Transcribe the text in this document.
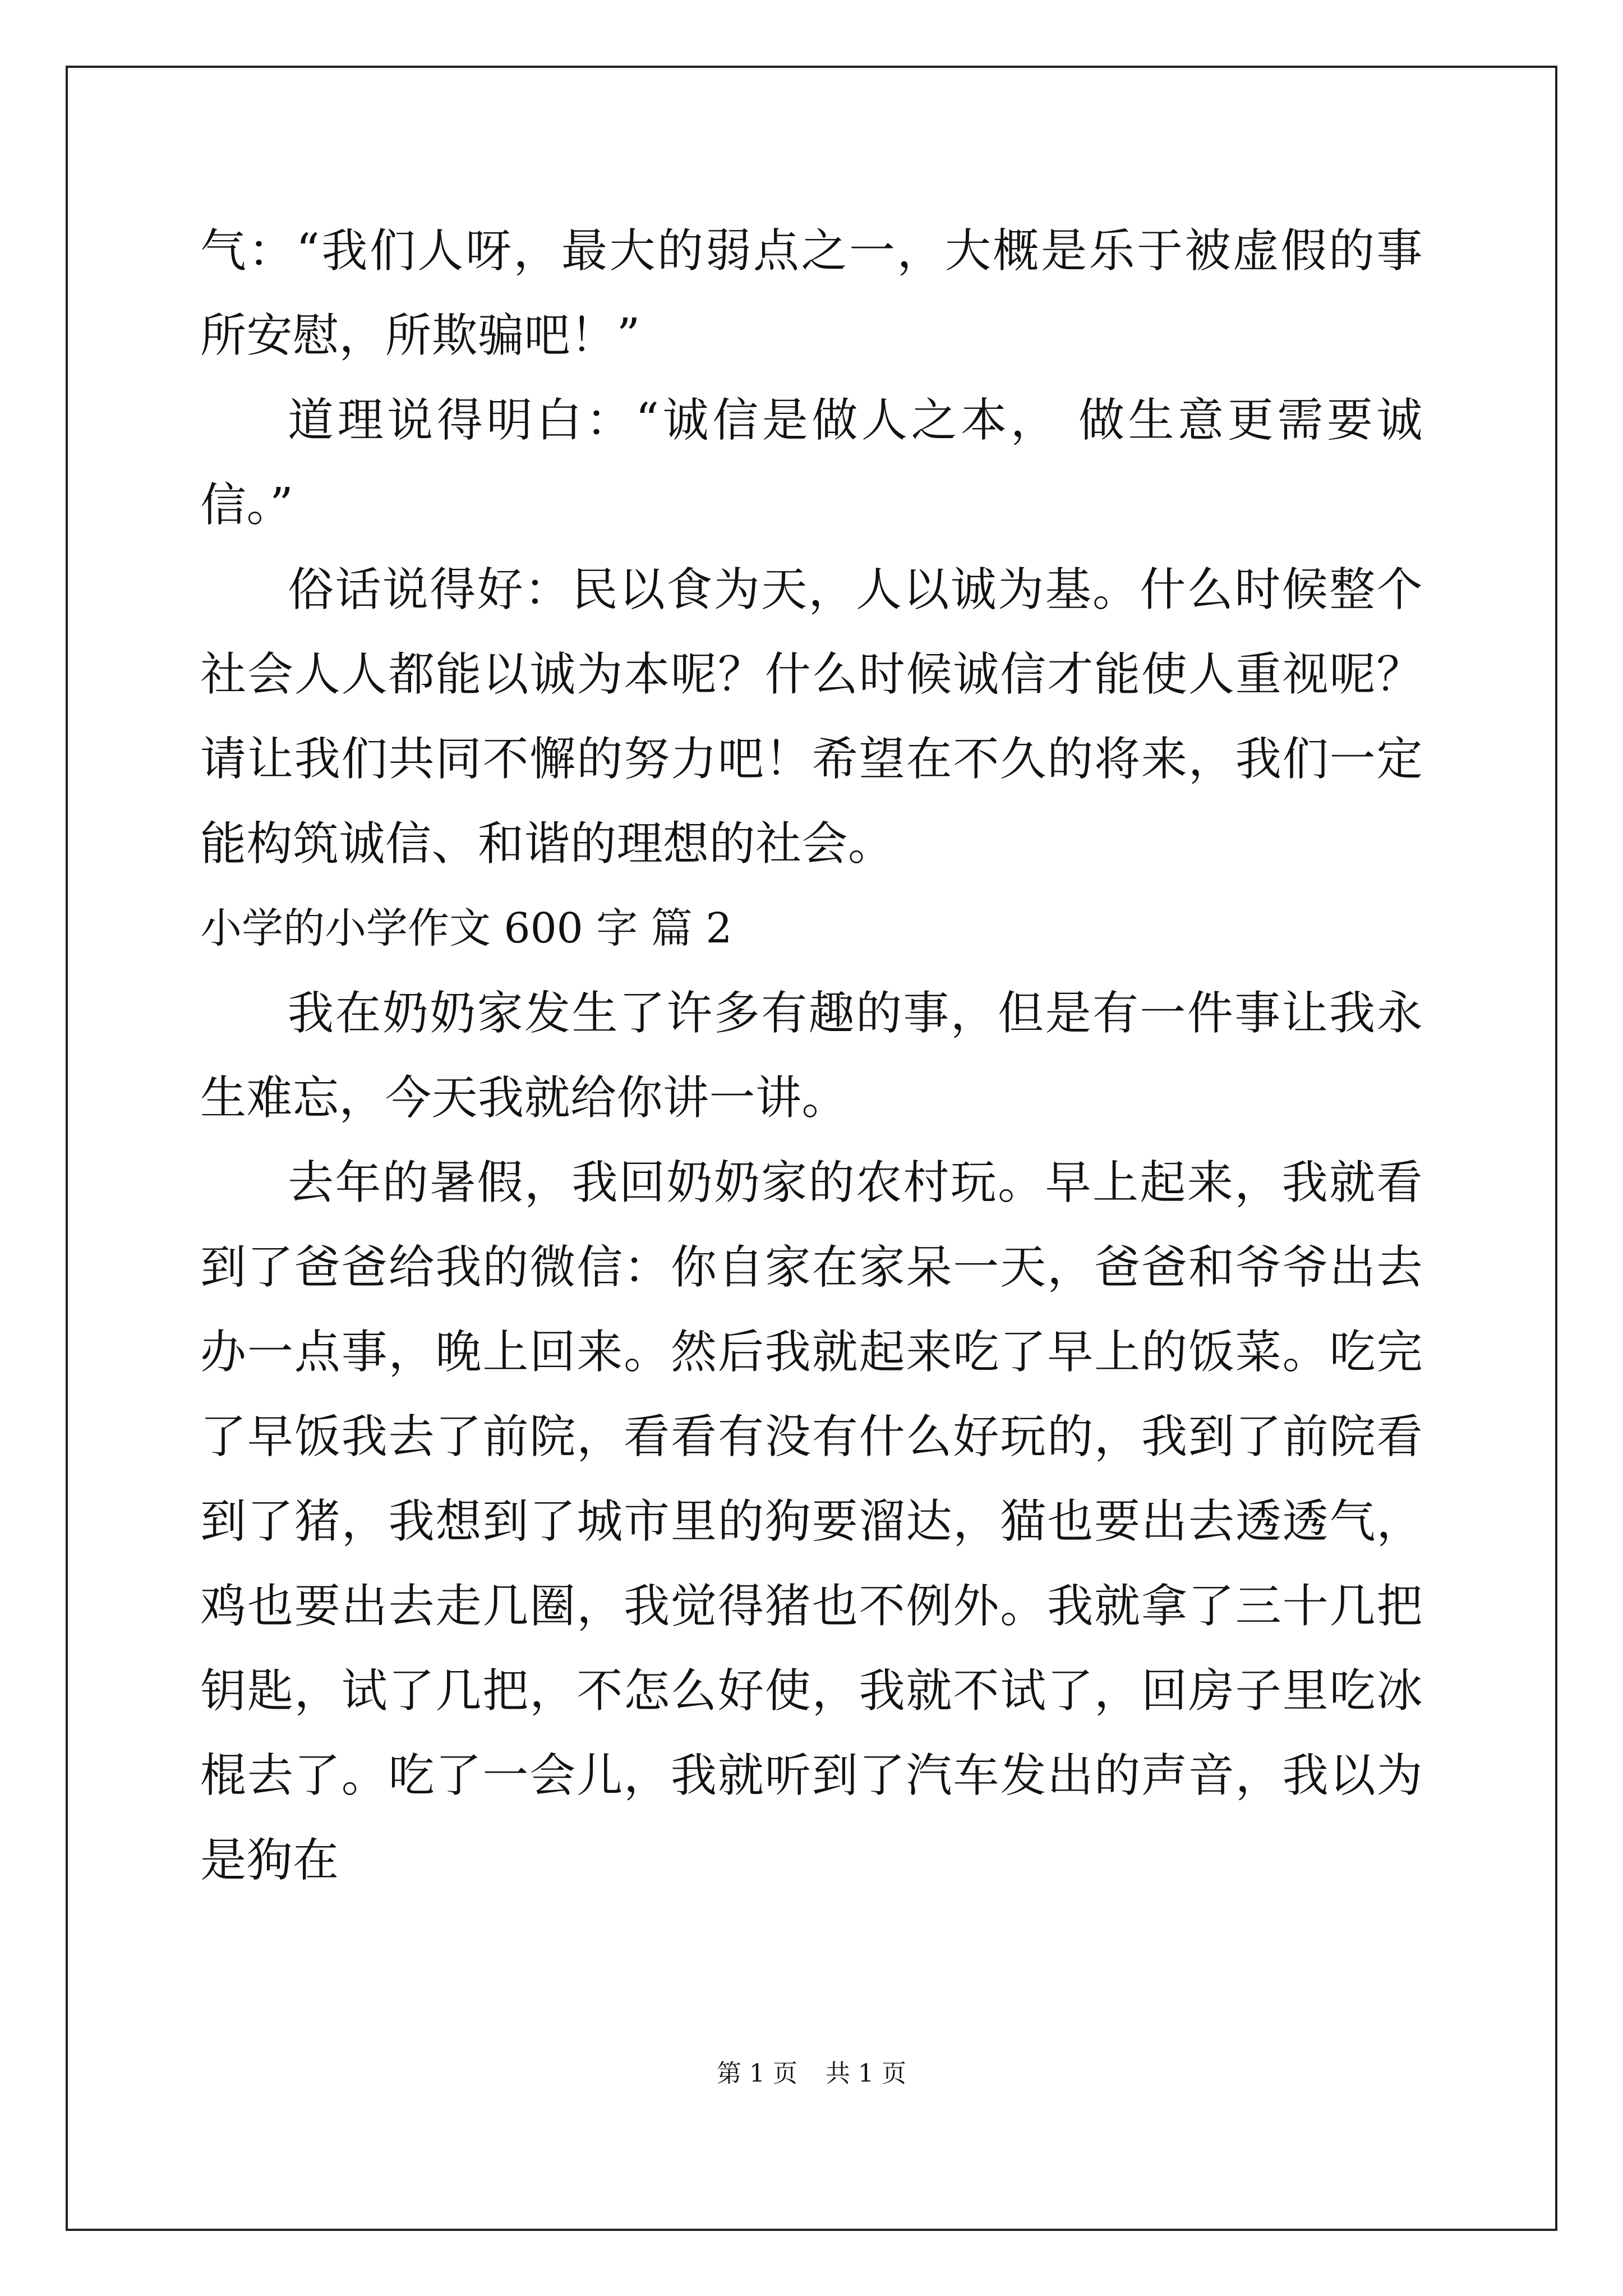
气：“我们人呀，最大的弱点之一，大概是乐于被虚假的事所安慰，所欺骗吧！”

道理说得明白：“诚信是做人之本， 做生意更需要诚信。”

俗话说得好：民以食为天，人以诚为基。什么时候整个社会人人都能以诚为本呢？什么时候诚信才能使人重视呢？请让我们共同不懈的努力吧！希望在不久的将来，我们一定能构筑诚信、和谐的理想的社会。

小学的小学作文 600 字 篇 2

我在奶奶家发生了许多有趣的事，但是有一件事让我永生难忘，今天我就给你讲一讲。

去年的暑假，我回奶奶家的农村玩。早上起来，我就看到了爸爸给我的微信：你自家在家呆一天，爸爸和爷爷出去办一点事，晚上回来。然后我就起来吃了早上的饭菜。吃完了早饭我去了前院，看看有没有什么好玩的，我到了前院看到了猪，我想到了城市里的狗要溜达，猫也要出去透透气，鸡也要出去走几圈，我觉得猪也不例外。我就拿了三十几把钥匙，试了几把，不怎么好使，我就不试了，回房子里吃冰棍去了。吃了一会儿，我就听到了汽车发出的声音，我以为是狗在

第 1 页 共 1 页
